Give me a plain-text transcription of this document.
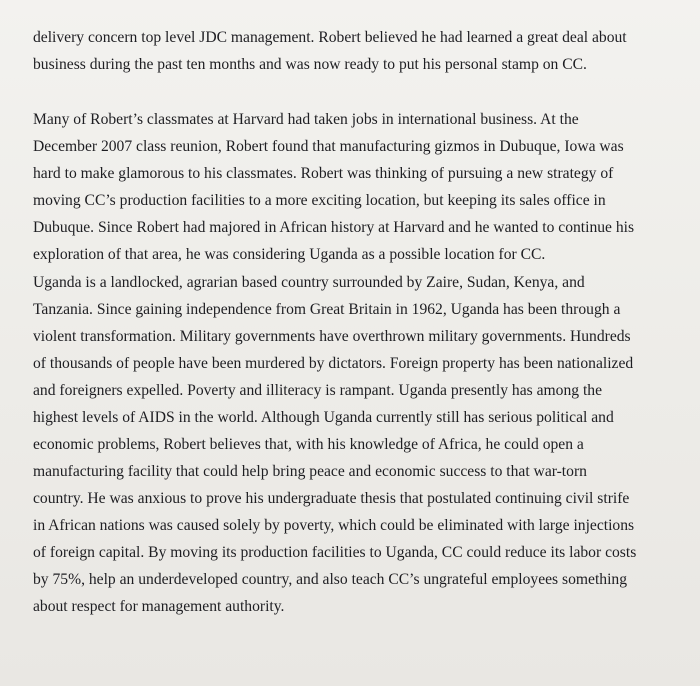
delivery concern top level JDC management. Robert believed he had learned a great deal about
business during the past ten months and was now ready to put his personal stamp on CC.

Many of Robert’s classmates at Harvard had taken jobs in international business. At the
December 2007 class reunion, Robert found that manufacturing gizmos in Dubuque, Iowa was
hard to make glamorous to his classmates. Robert was thinking of pursuing a new strategy of
moving CC’s production facilities to a more exciting location, but keeping its sales office in
Dubuque. Since Robert had majored in African history at Harvard and he wanted to continue his
exploration of that area, he was considering Uganda as a possible location for CC.

Uganda is a landlocked, agrarian based country surrounded by Zaire, Sudan, Kenya, and
Tanzania. Since gaining independence from Great Britain in 1962, Uganda has been through a
violent transformation. Military governments have overthrown military governments. Hundreds
of thousands of people have been murdered by dictators. Foreign property has been nationalized
and foreigners expelled. Poverty and illiteracy is rampant. Uganda presently has among the
highest levels of AIDS in the world. Although Uganda currently still has serious political and
economic problems, Robert believes that, with his knowledge of Africa, he could open a
manufacturing facility that could help bring peace and economic success to that war-torn
country. He was anxious to prove his undergraduate thesis that postulated continuing civil strife
in African nations was caused solely by poverty, which could be eliminated with large injections
of foreign capital. By moving its production facilities to Uganda, CC could reduce its labor costs
by 75%, help an underdeveloped country, and also teach CC’s ungrateful employees something
about respect for management authority.
